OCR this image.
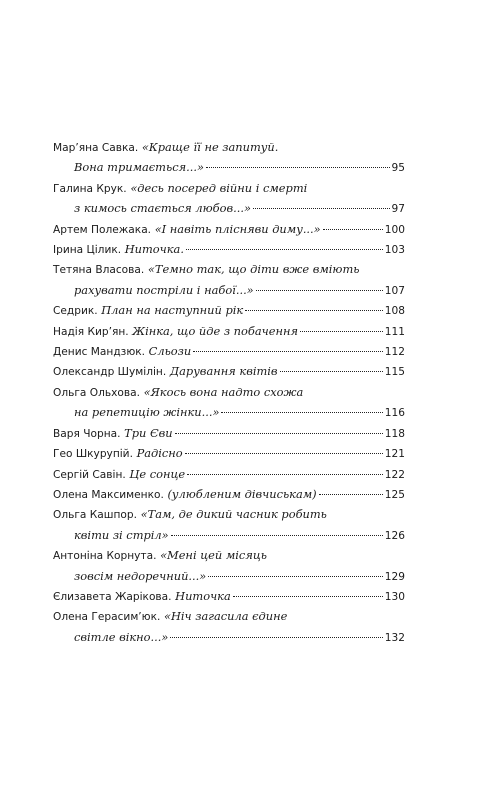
Мар’яна Савка.
«Краще її не запитуй.
Вона тримається...»	95
Галина Крук.
«десь посеред війни і смерті
з кимось стається любов...»	97
Артем Полежака.
«І навіть плісняви диму...»	100
Ірина Цілик.
Ниточка.	103
Тетяна Власова.
«Темно так, що діти вже вміють
рахувати постріли і набої...»	107
Седрик.
План на наступний рік	108
Надія Кир’ян.
Жінка, що йде з побачення	111
Денис Мандзюк.
Сльози	112
Олександр Шумілін.
Дарування квітів	115
Ольга Ольхова.
«Якось вона надто схожа
на репетицію жінки...»	116
Варя Чорна.
Три Єви	118
Гео Шкурупій.
Радісно	121
Сергій Савін.
Це сонце	122
Олена Максименко.
(улюбленим дівчиськам)	125
Ольга Кашпор.
«Там, де дикий часник робить
квіти зі стріл»	126
Антоніна Корнута.
«Мені цей місяць
зовсім недоречний...»	129
Єлизавета Жарікова.
Ниточка	130
Олена Герасим’юк.
«Ніч загасила єдине
світле вікно...»	132
